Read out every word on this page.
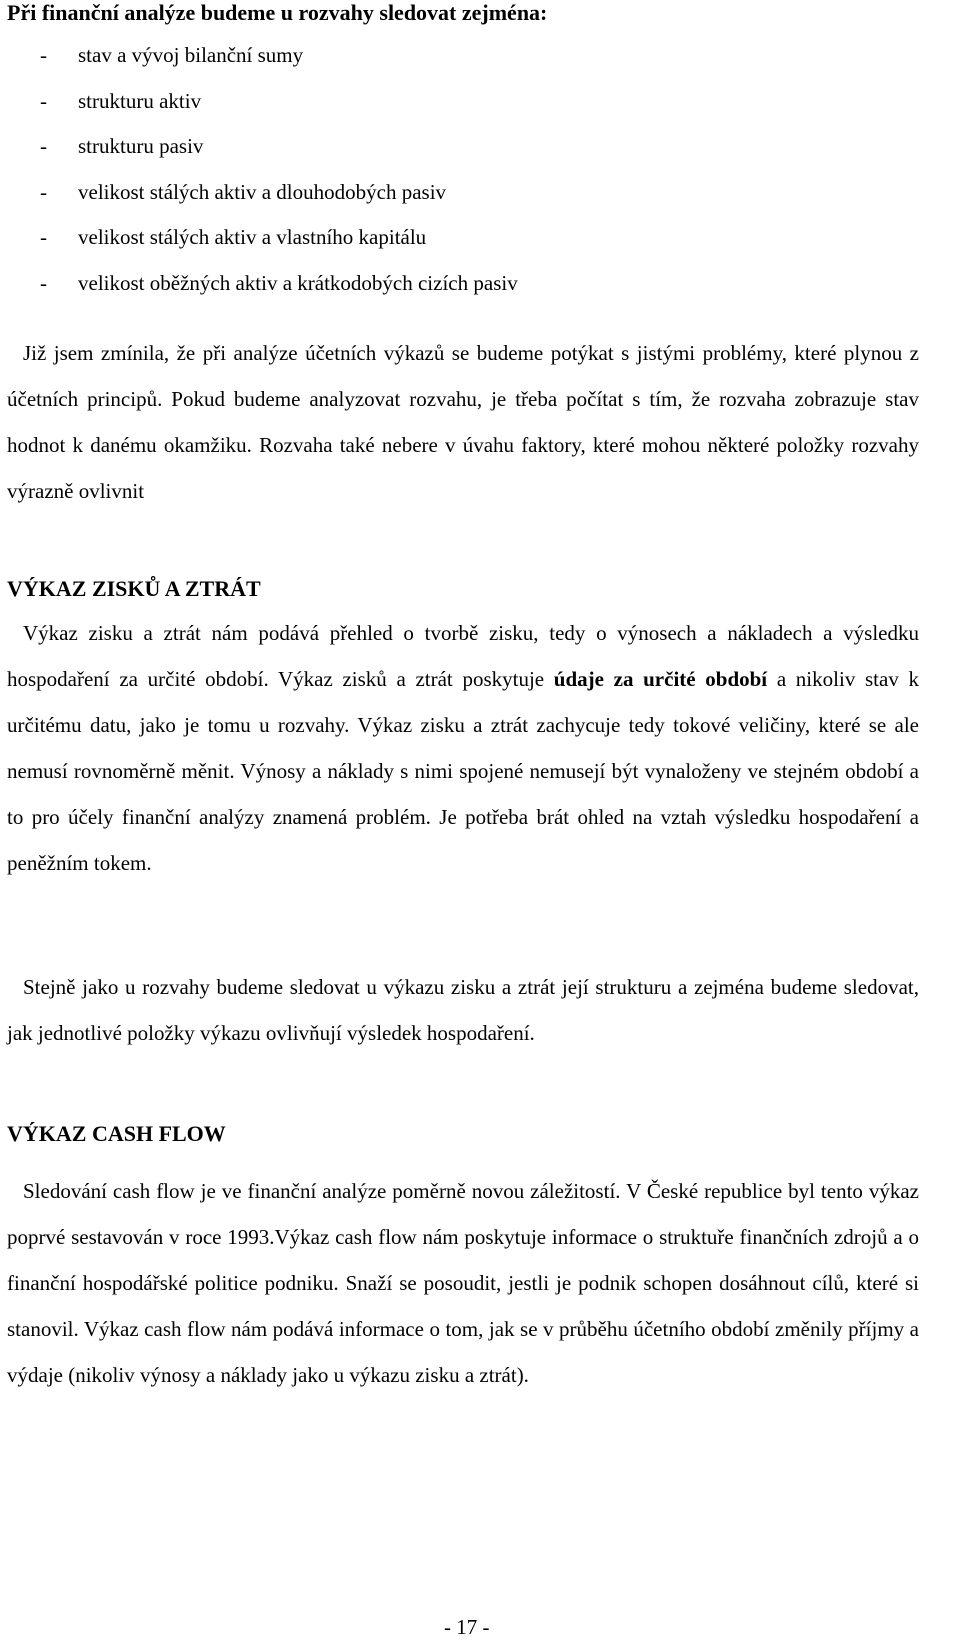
Při finanční analýze budeme u rozvahy sledovat zejména:
- stav a vývoj bilanční sumy
- strukturu aktiv
- strukturu pasiv
- velikost stálých aktiv a dlouhodobých pasiv
- velikost stálých aktiv a vlastního kapitálu
- velikost oběžných aktiv a krátkodobých cizích pasiv

Již jsem zmínila, že při analýze účetních výkazů se budeme potýkat s jistými problémy, které plynou z účetních principů. Pokud budeme analyzovat rozvahu, je třeba počítat s tím, že rozvaha zobrazuje stav hodnot k danému okamžiku. Rozvaha také nebere v úvahu faktory, které mohou některé položky rozvahy výrazně ovlivnit

VÝKAZ ZISKŮ A ZTRÁT

Výkaz zisku a ztrát nám podává přehled o tvorbě zisku, tedy o výnosech a nákladech a výsledku hospodaření za určité období. Výkaz zisků a ztrát poskytuje údaje za určité období a nikoliv stav k určitému datu, jako je tomu u rozvahy. Výkaz zisku a ztrát zachycuje tedy tokové veličiny, které se ale nemusí rovnoměrně měnit. Výnosy a náklady s nimi spojené nemusejí být vynaloženy ve stejném období a to pro účely finanční analýzy znamená problém. Je potřeba brát ohled na vztah výsledku hospodaření a peněžním tokem.

Stejně jako u rozvahy budeme sledovat u výkazu zisku a ztrát její strukturu a zejména budeme sledovat, jak jednotlivé položky výkazu ovlivňují výsledek hospodaření.

VÝKAZ CASH FLOW

Sledování cash flow je ve finanční analýze poměrně novou záležitostí. V České republice byl tento výkaz poprvé sestavován v roce 1993.Výkaz cash flow nám poskytuje informace o struktuře finančních zdrojů a o finanční hospodářské politice podniku. Snaží se posoudit, jestli je podnik schopen dosáhnout cílů, které si stanovil. Výkaz cash flow nám podává informace o tom, jak se v průběhu účetního období změnily příjmy a výdaje (nikoliv výnosy a náklady jako u výkazu zisku a ztrát).

- 17 -
